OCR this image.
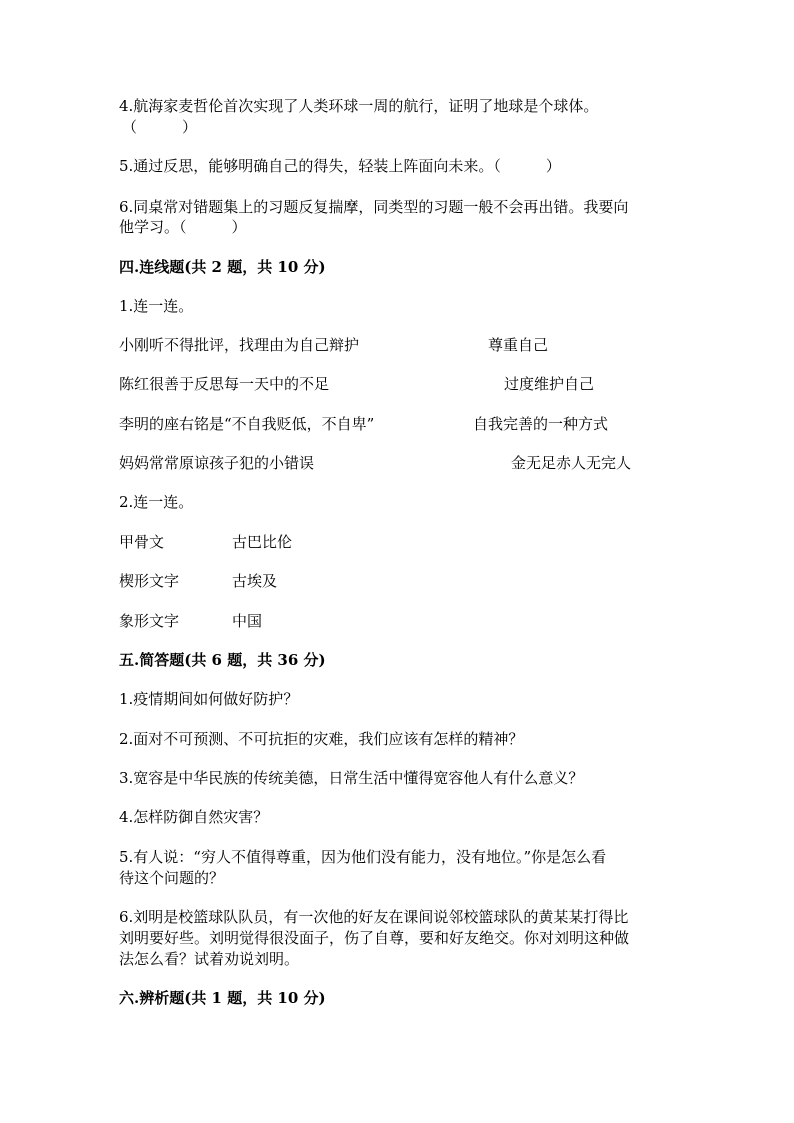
4.航海家麦哲伦首次实现了人类环球一周的航行，证明了地球是个球体。
（　　　）
5.通过反思，能够明确自己的得失，轻装上阵面向未来。（　　　）
6.同桌常对错题集上的习题反复揣摩，同类型的习题一般不会再出错。我要向
他学习。（　　　）
四.连线题(共 2 题，共 10 分)
1.连一连。
小刚听不得批评，找理由为自己辩护	尊重自己
陈红很善于反思每一天中的不足	过度维护自己
李明的座右铭是“不自我贬低，不自卑”	自我完善的一种方式
妈妈常常原谅孩子犯的小错误	金无足赤人无完人
2.连一连。
甲骨文	古巴比伦
楔形文字	古埃及
象形文字	中国
五.简答题(共 6 题，共 36 分)
1.疫情期间如何做好防护？
2.面对不可预测、不可抗拒的灾难，我们应该有怎样的精神？
3.宽容是中华民族的传统美德，日常生活中懂得宽容他人有什么意义？
4.怎样防御自然灾害？
5.有人说：“穷人不值得尊重，因为他们没有能力，没有地位。”你是怎么看
待这个问题的？
6.刘明是校篮球队队员，有一次他的好友在课间说邻校篮球队的黄某某打得比
刘明要好些。刘明觉得很没面子，伤了自尊，要和好友绝交。你对刘明这种做
法怎么看？试着劝说刘明。
六.辨析题(共 1 题，共 10 分)
